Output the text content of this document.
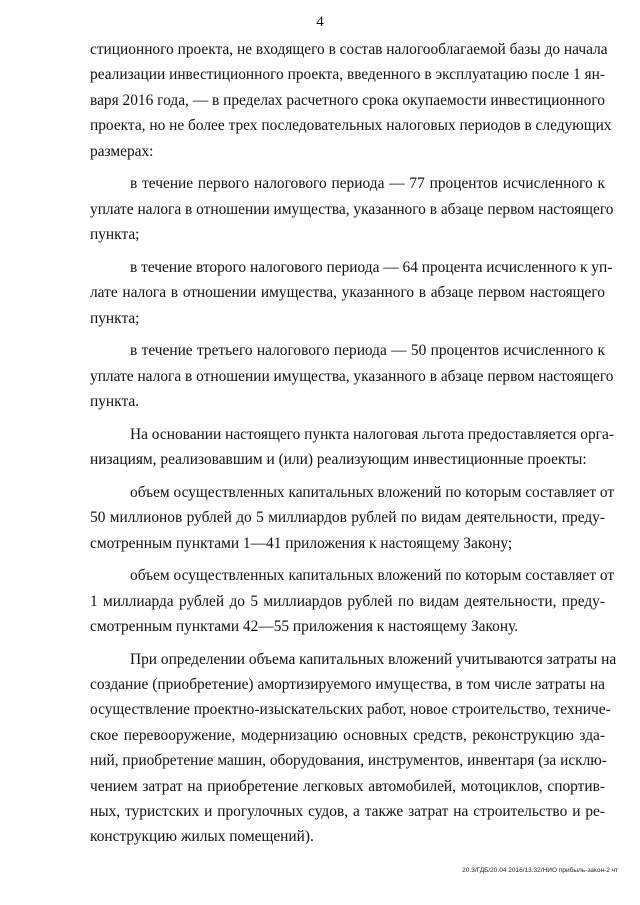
4
стиционного проекта, не входящего в состав налогооблагаемой базы до начала
реализации инвестиционного проекта, введенного в эксплуатацию после 1 ян-
варя 2016 года, — в пределах расчетного срока окупаемости инвестиционного
проекта, но не более трех последовательных налоговых периодов в следующих
размерах:
в течение первого налогового периода — 77 процентов исчисленного к
уплате налога в отношении имущества, указанного в абзаце первом настоящего
пункта;
в течение второго налогового периода — 64 процента исчисленного к уп-
лате налога в отношении имущества, указанного в абзаце первом настоящего
пункта;
в течение третьего налогового периода — 50 процентов исчисленного к
уплате налога в отношении имущества, указанного в абзаце первом настоящего
пункта.
На основании настоящего пункта налоговая льгота предоставляется орга-
низациям, реализовавшим и (или) реализующим инвестиционные проекты:
объем осуществленных капитальных вложений по которым составляет от
50 миллионов рублей до 5 миллиардов рублей по видам деятельности, преду-
смотренным пунктами 1—41 приложения к настоящему Закону;
объем осуществленных капитальных вложений по которым составляет от
1 миллиарда рублей до 5 миллиардов рублей по видам деятельности, преду-
смотренным пунктами 42—55 приложения к настоящему Закону.
При определении объема капитальных вложений учитываются затраты на
создание (приобретение) амортизируемого имущества, в том числе затраты на
осуществление проектно-изыскательских работ, новое строительство, техниче-
ское перевооружение, модернизацию основных средств, реконструкцию зда-
ний, приобретение машин, оборудования, инструментов, инвентаря (за исклю-
чением затрат на приобретение легковых автомобилей, мотоциклов, спортив-
ных, туристских и прогулочных судов, а также затрат на строительство и ре-
конструкцию жилых помещений).
20.3/ГДБ/20.04 2016/13.32/НИО прибыль-закон-2 чт
